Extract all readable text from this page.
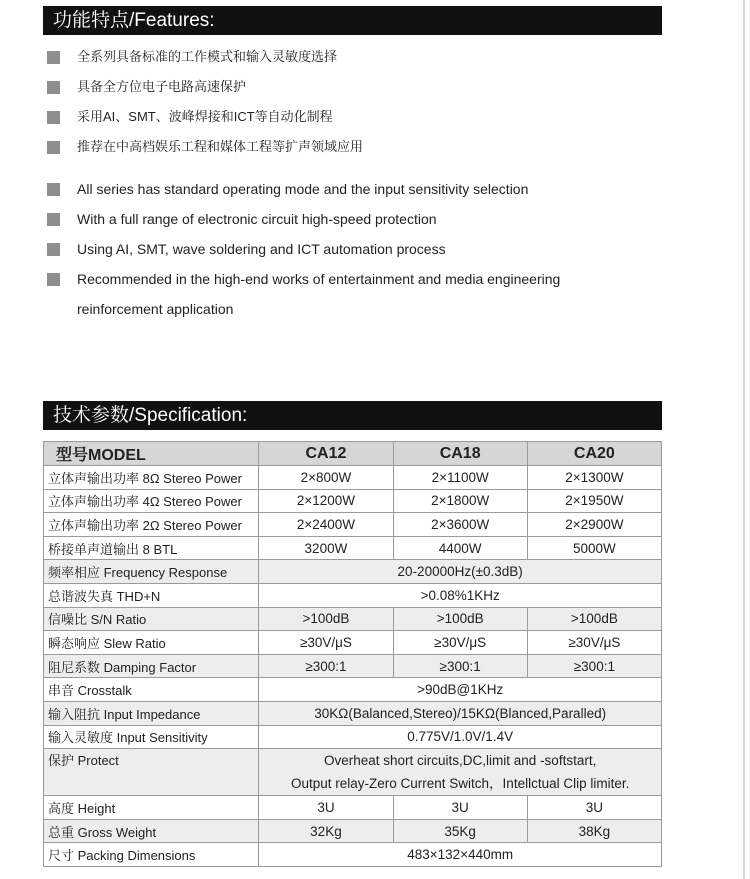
功能特点/Features:
全系列具备标准的工作模式和输入灵敏度选择
具备全方位电子电路高速保护
采用AI、SMT、波峰焊接和ICT等自动化制程
推荐在中高档娱乐工程和媒体工程等扩声领域应用
All series has standard operating mode and the input sensitivity selection
With a full range of electronic circuit high-speed protection
Using AI, SMT, wave soldering and ICT automation process
Recommended in the high-end works of entertainment and media engineering
reinforcement application
技术参数/Specification:
型号MODEL	CA12	CA18	CA20
立体声输出功率 8Ω Stereo Power	2×800W	2×1100W	2×1300W
立体声输出功率 4Ω Stereo Power	2×1200W	2×1800W	2×1950W
立体声输出功率 2Ω Stereo Power	2×2400W	2×3600W	2×2900W
桥接单声道输出 8 BTL	3200W	4400W	5000W
频率相应 Frequency Response	20-20000Hz(±0.3dB)		
总谐波失真 THD+N	>0.08%1KHz		
信噪比 S/N Ratio	>100dB	>100dB	>100dB
瞬态响应 Slew Ratio	≥30V/μS	≥30V/μS	≥30V/μS
阻尼系数 Damping Factor	≥300:1	≥300:1	≥300:1
串音 Crosstalk	>90dB@1KHz		
输入阻抗 Input Impedance	30KΩ(Balanced,Stereo)/15KΩ(Blanced,Paralled)		
输入灵敏度 Input Sensitivity	0.775V/1.0V/1.4V		
保护 Protect	Overheat short circuits,DC,limit and -softstart,
Output relay-Zero Current Switch，Intellctual Clip limiter.		
高度 Height	3U	3U	3U
总重 Gross Weight	32Kg	35Kg	38Kg
尺寸 Packing Dimensions	483×132×440mm		
